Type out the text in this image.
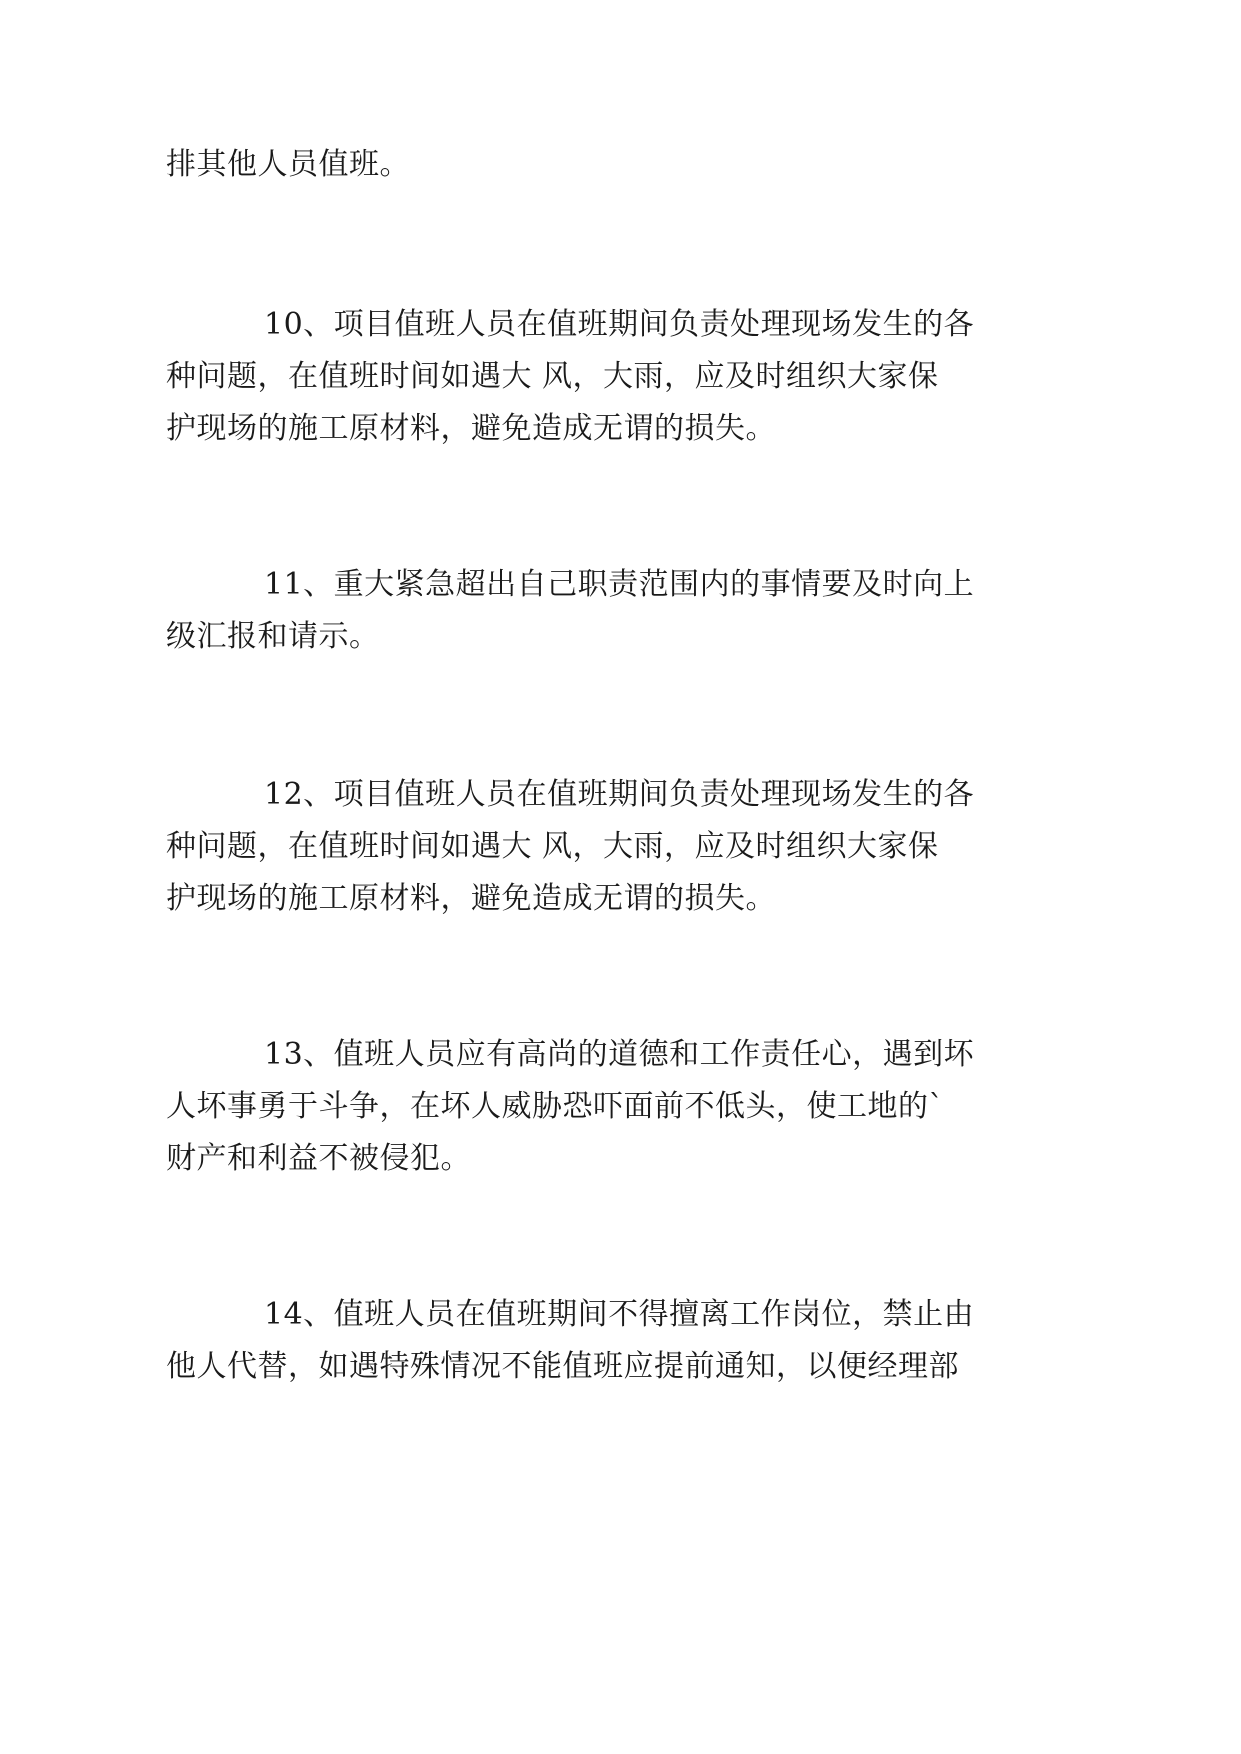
排其他人员值班。
10、项目值班人员在值班期间负责处理现场发生的各
种问题，在值班时间如遇大 风，大雨，应及时组织大家保
护现场的施工原材料，避免造成无谓的损失。
11、重大紧急超出自己职责范围内的事情要及时向上
级汇报和请示。
12、项目值班人员在值班期间负责处理现场发生的各
种问题，在值班时间如遇大 风，大雨，应及时组织大家保
护现场的施工原材料，避免造成无谓的损失。
13、值班人员应有高尚的道德和工作责任心，遇到坏
人坏事勇于斗争，在坏人威胁恐吓面前不低头，使工地的`
财产和利益不被侵犯。
14、值班人员在值班期间不得擅离工作岗位，禁止由
他人代替，如遇特殊情况不能值班应提前通知，以便经理部
